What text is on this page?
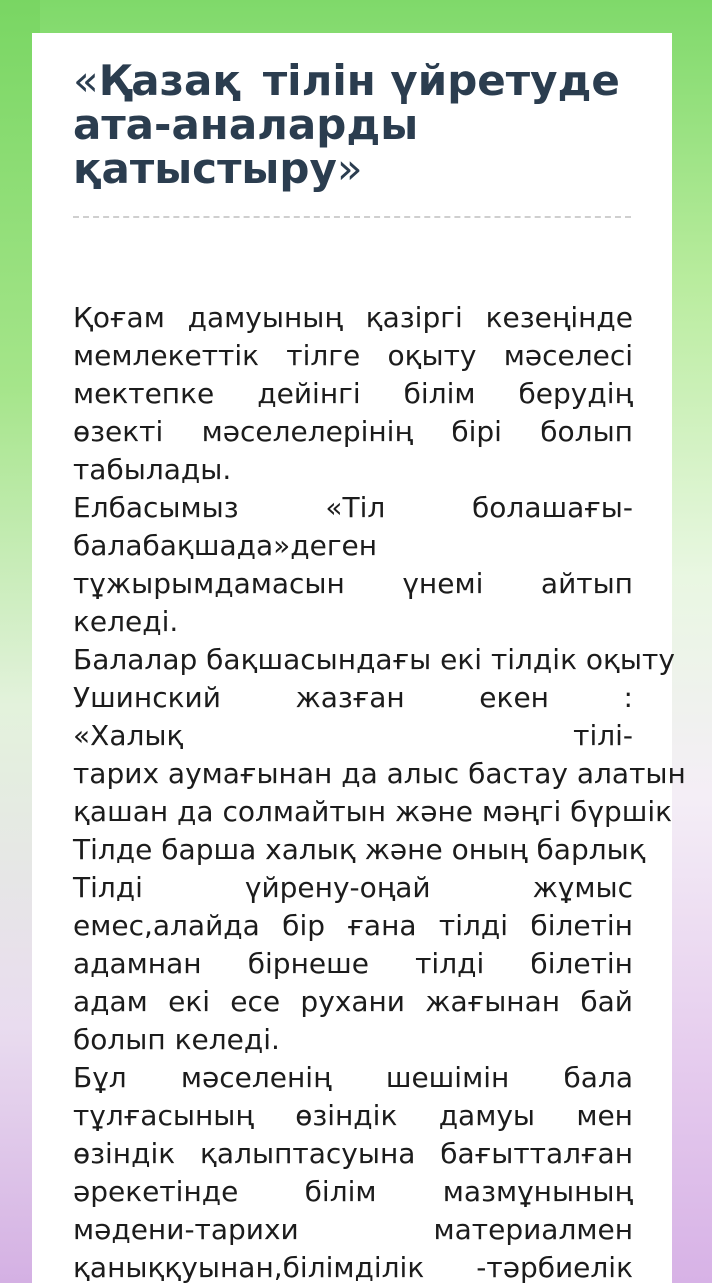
«Қазақ тілін үйретуде
ата-аналарды
қатыстыру»
Қоғам дамуының қазіргі кезеңінде
мемлекеттік тілге оқыту мәселесі
мектепке дейінгі білім берудің
өзекті мәселелерінің бірі болып
табылады.
Елбасымыз «Тіл болашағы-
балабақшада»деген
тұжырымдамасын үнемі айтып
келеді.
Балалар бақшасындағы екі тілдік оқыту
Ушинский жазған екен :
«Халық тілі-
тарих аумағынан да алыс бастау алатын
қашан да солмайтын және мәңгі бүршік
Тілде барша халық және оның барлық
Тілді үйрену-оңай жұмыс
емес,алайда бір ғана тілді білетін
адамнан бірнеше тілді білетін
адам екі есе рухани жағынан бай
болып келеді.
Бұл мәселенің шешімін бала
тұлғасының өзіндік дамуы мен
өзіндік қалыптасуына бағытталған
әрекетінде білім мазмұнының
мәдени-тарихи материалмен
қаныққуынан,білімділік -тәрбиелік
